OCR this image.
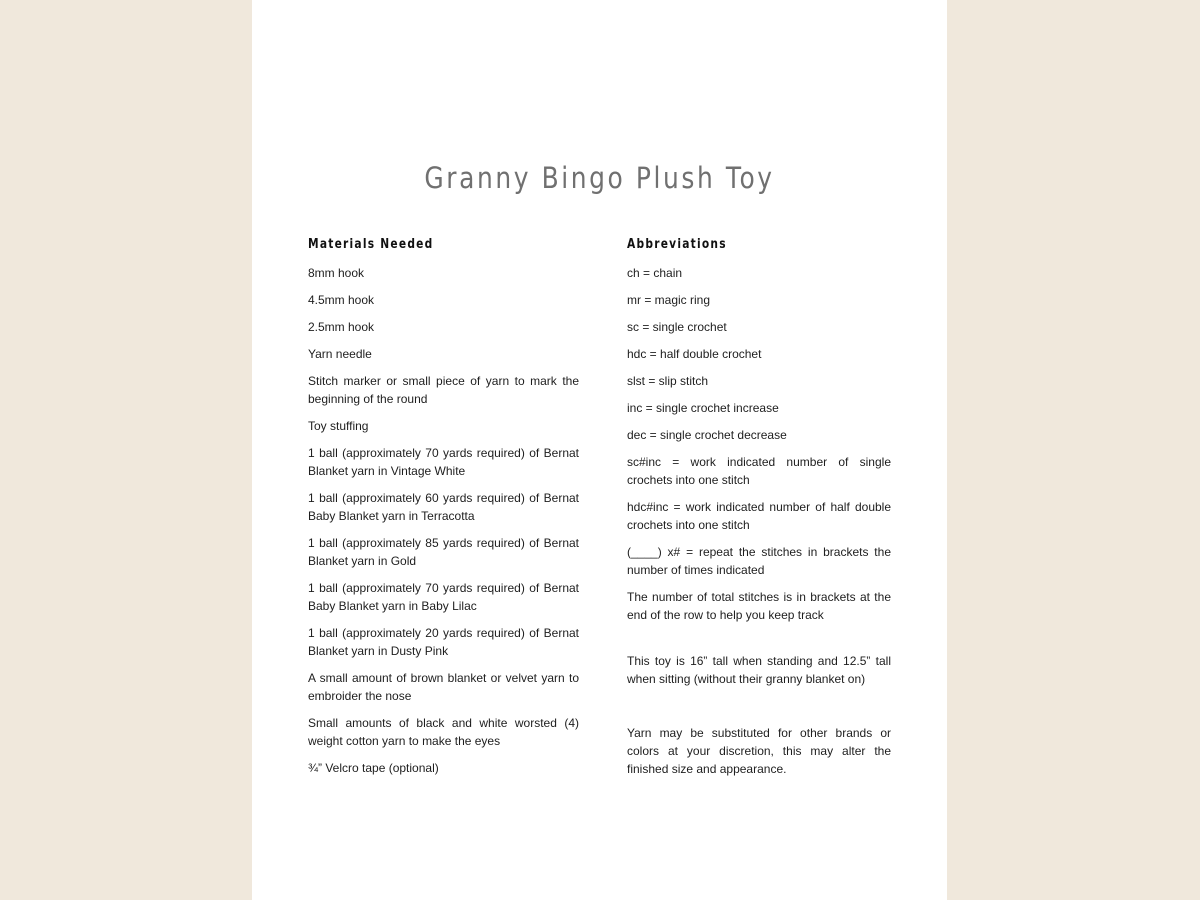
Granny Bingo Plush Toy
Materials Needed
8mm hook
4.5mm hook
2.5mm hook
Yarn needle
Stitch marker or small piece of yarn to mark the beginning of the round
Toy stuffing
1 ball (approximately 70 yards required) of Bernat Blanket yarn in Vintage White
1 ball (approximately 60 yards required) of Bernat Baby Blanket yarn in Terracotta
1 ball (approximately 85 yards required) of Bernat Blanket yarn in Gold
1 ball (approximately 70 yards required) of Bernat Baby Blanket yarn in Baby Lilac
1 ball (approximately 20 yards required) of Bernat Blanket yarn in Dusty Pink
A small amount of brown blanket or velvet yarn to embroider the nose
Small amounts of black and white worsted (4) weight cotton yarn to make the eyes
¾” Velcro tape (optional)
Abbreviations
ch = chain
mr = magic ring
sc = single crochet
hdc = half double crochet
slst = slip stitch
inc = single crochet increase
dec = single crochet decrease
sc#inc = work indicated number of single crochets into one stitch
hdc#inc = work indicated number of half double crochets into one stitch
(____) x# = repeat the stitches in brackets the number of times indicated
The number of total stitches is in brackets at the end of the row to help you keep track
This toy is 16” tall when standing and 12.5” tall when sitting (without their granny blanket on)
Yarn may be substituted for other brands or colors at your discretion, this may alter the finished size and appearance.
